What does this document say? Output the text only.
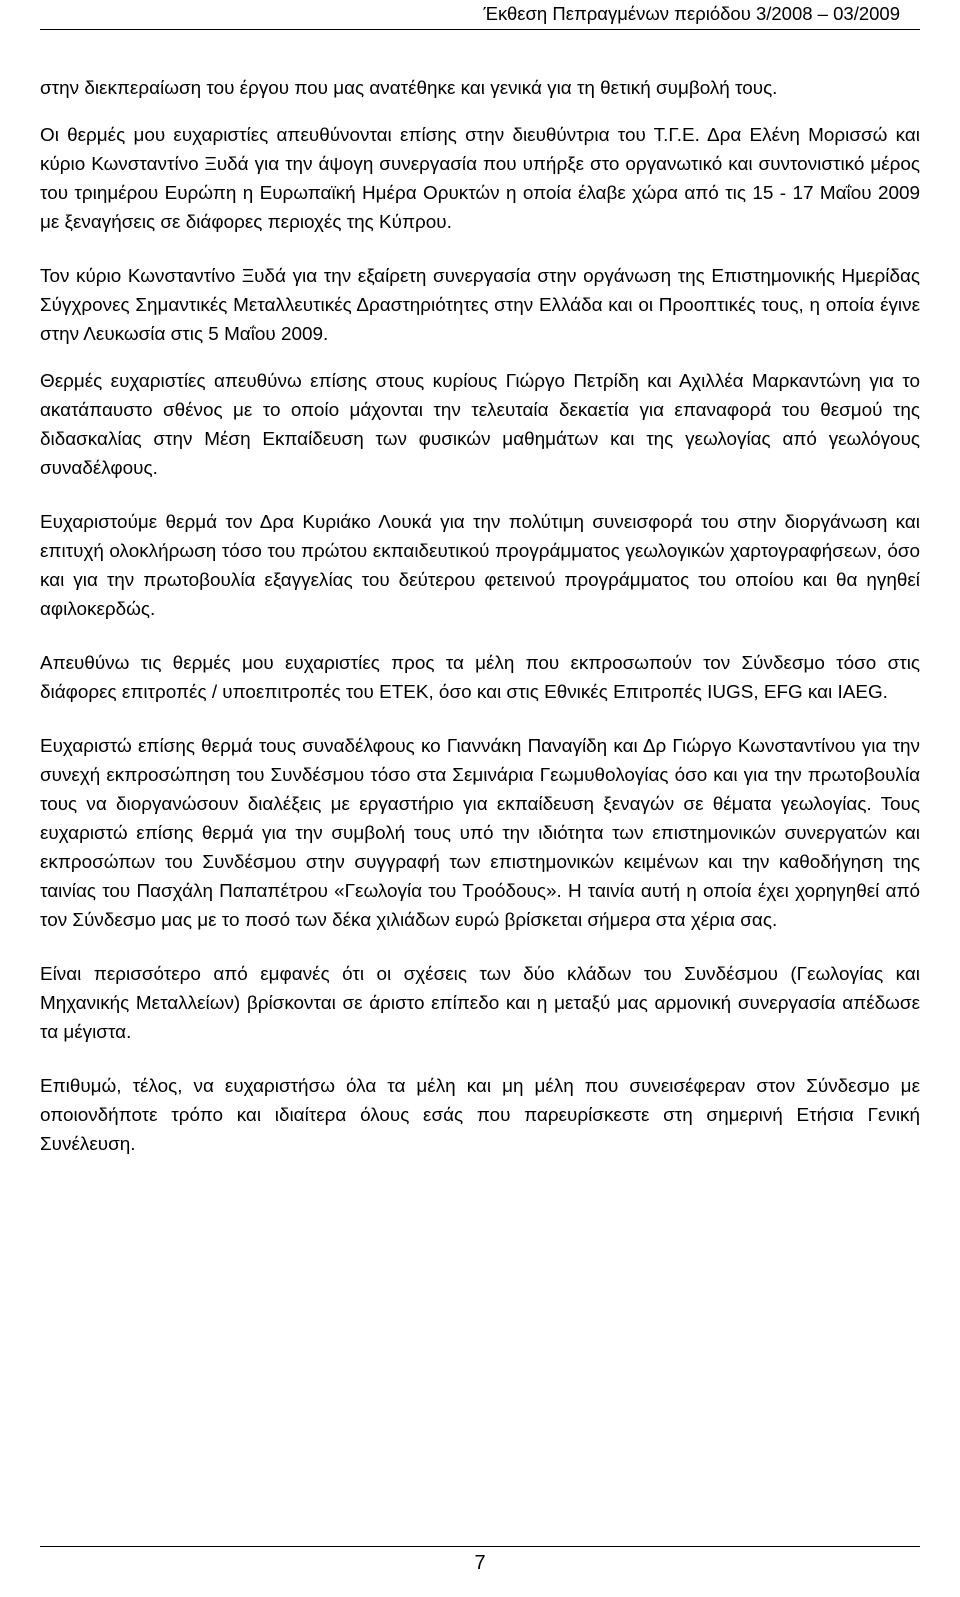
Έκθεση Πεπραγμένων περιόδου 3/2008 – 03/2009

στην διεκπεραίωση του έργου που μας ανατέθηκε και γενικά για τη θετική συμβολή τους.

Οι θερμές μου ευχαριστίες απευθύνονται επίσης στην διευθύντρια του Τ.Γ.Ε. Δρα Ελένη Μορισσώ και κύριο Κωνσταντίνο Ξυδά για την άψογη συνεργασία που υπήρξε στο οργανωτικό και συντονιστικό μέρος του τριημέρου Ευρώπη η Ευρωπαϊκή Ημέρα Ορυκτών η οποία έλαβε χώρα από τις 15 - 17 Μαΐου 2009 με ξεναγήσεις σε διάφορες περιοχές της Κύπρου.

Τον κύριο Κωνσταντίνο Ξυδά για την εξαίρετη συνεργασία στην οργάνωση της Επιστημονικής Ημερίδας Σύγχρονες Σημαντικές Μεταλλευτικές Δραστηριότητες στην Ελλάδα και οι Προοπτικές τους, η οποία έγινε στην Λευκωσία στις 5 Μαΐου 2009.

Θερμές ευχαριστίες απευθύνω επίσης στους κυρίους Γιώργο Πετρίδη και Αχιλλέα Μαρκαντώνη για το ακατάπαυστο σθένος με το οποίο μάχονται την τελευταία δεκαετία για επαναφορά του θεσμού της διδασκαλίας στην Μέση Εκπαίδευση των φυσικών μαθημάτων και της γεωλογίας από γεωλόγους συναδέλφους.

Ευχαριστούμε θερμά τον Δρα Κυριάκο Λουκά για την πολύτιμη συνεισφορά του στην διοργάνωση και επιτυχή ολοκλήρωση τόσο του πρώτου εκπαιδευτικού προγράμματος γεωλογικών χαρτογραφήσεων, όσο και για την πρωτοβουλία εξαγγελίας του δεύτερου φετεινού προγράμματος του οποίου και θα ηγηθεί αφιλοκερδώς.

Απευθύνω τις θερμές μου ευχαριστίες προς τα μέλη που εκπροσωπούν τον Σύνδεσμο τόσο στις διάφορες επιτροπές / υποεπιτροπές του ΕΤΕΚ, όσο και στις Εθνικές Επιτροπές IUGS, EFG και IAEG.

Ευχαριστώ επίσης θερμά τους συναδέλφους κο Γιαννάκη Παναγίδη και Δρ Γιώργο Κωνσταντίνου για την συνεχή εκπροσώπηση του Συνδέσμου τόσο στα Σεμινάρια Γεωμυθολογίας όσο και για την πρωτοβουλία τους να διοργανώσουν διαλέξεις με εργαστήριο για εκπαίδευση ξεναγών σε θέματα γεωλογίας. Τους ευχαριστώ επίσης θερμά για την συμβολή τους υπό την ιδιότητα των επιστημονικών συνεργατών και εκπροσώπων του Συνδέσμου στην συγγραφή των επιστημονικών κειμένων και την καθοδήγηση της ταινίας του Πασχάλη Παπαπέτρου «Γεωλογία του Τροόδους». Η ταινία αυτή η οποία έχει χορηγηθεί από τον Σύνδεσμο μας με το ποσό των δέκα χιλιάδων ευρώ βρίσκεται σήμερα στα χέρια σας.

Είναι περισσότερο από εμφανές ότι οι σχέσεις των δύο κλάδων του Συνδέσμου (Γεωλογίας και Μηχανικής Μεταλλείων) βρίσκονται σε άριστο επίπεδο και η μεταξύ μας αρμονική συνεργασία απέδωσε τα μέγιστα.

Επιθυμώ, τέλος, να ευχαριστήσω όλα τα μέλη και μη μέλη που συνεισέφεραν στον Σύνδεσμο με οποιονδήποτε τρόπο και ιδιαίτερα όλους εσάς που παρευρίσκεστε στη σημερινή Ετήσια Γενική Συνέλευση.

7
